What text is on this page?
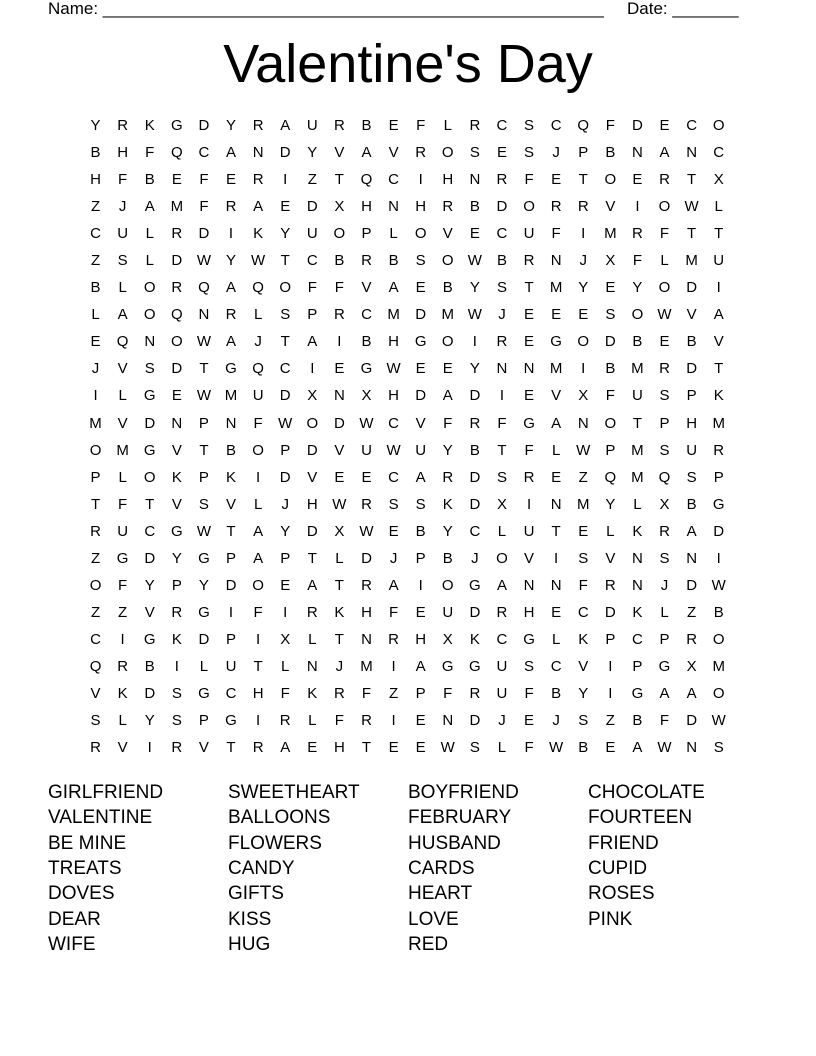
Name: _____________________________________________________ Date: _______
Valentine's Day
Y R K G D Y R A U R B E F L R C S C Q F D E C O
B H F Q C A N D Y V A V R O S E S J P B N A N C
H F B E F E R I Z T Q C I H N R F E T O E R T X
Z J A M F R A E D X H N H R B D O R R V I O W L
C U L R D I K Y U O P L O V E C U F I M R F T T
Z S L D W Y W T C B R B S O W B R N J X F L M U
B L O R Q A Q O F F V A E B Y S T M Y E Y O D I
L A O Q N R L S P R C M D M W J E E E S O W V A
E Q N O W A J T A I B H G O I R E G O D B E B V
J V S D T G Q C I E G W E E Y N N M I B M R D T
I L G E W M U D X N X H D A D I E V X F U S P K
M V D N P N F W O D W C V F R F G A N O T P H M
O M G V T B O P D V U W U Y B T F L W P M S U R
P L O K P K I D V E E C A R D S R E Z Q M Q S P
T F T V S V L J H W R S S K D X I N M Y L X B G
R U C G W T A Y D X W E B Y C L U T E L K R A D
Z G D Y G P A P T L D J P B J O V I S V N S N I
O F Y P Y D O E A T R A I O G A N N F R N J D W
Z Z V R G I F I R K H F E U D R H E C D K L Z B
C I G K D P I X L T N R H X K C G L K P C P R O
Q R B I L U T L N J M I A G G U S C V I P G X M
V K D S G C H F K R F Z P F R U F B Y I G A A O
S L Y S P G I R L F R I E N D J E J S Z B F D W
R V I R V T R A E H T E E W S L F W B E A W N S
GIRLFRIEND	SWEETHEART	BOYFRIEND	CHOCOLATE
VALENTINE	BALLOONS	FEBRUARY	FOURTEEN
BE MINE	FLOWERS	HUSBAND	FRIEND
TREATS	CANDY	CARDS	CUPID
DOVES	GIFTS	HEART	ROSES
DEAR	KISS	LOVE	PINK
WIFE	HUG	RED
